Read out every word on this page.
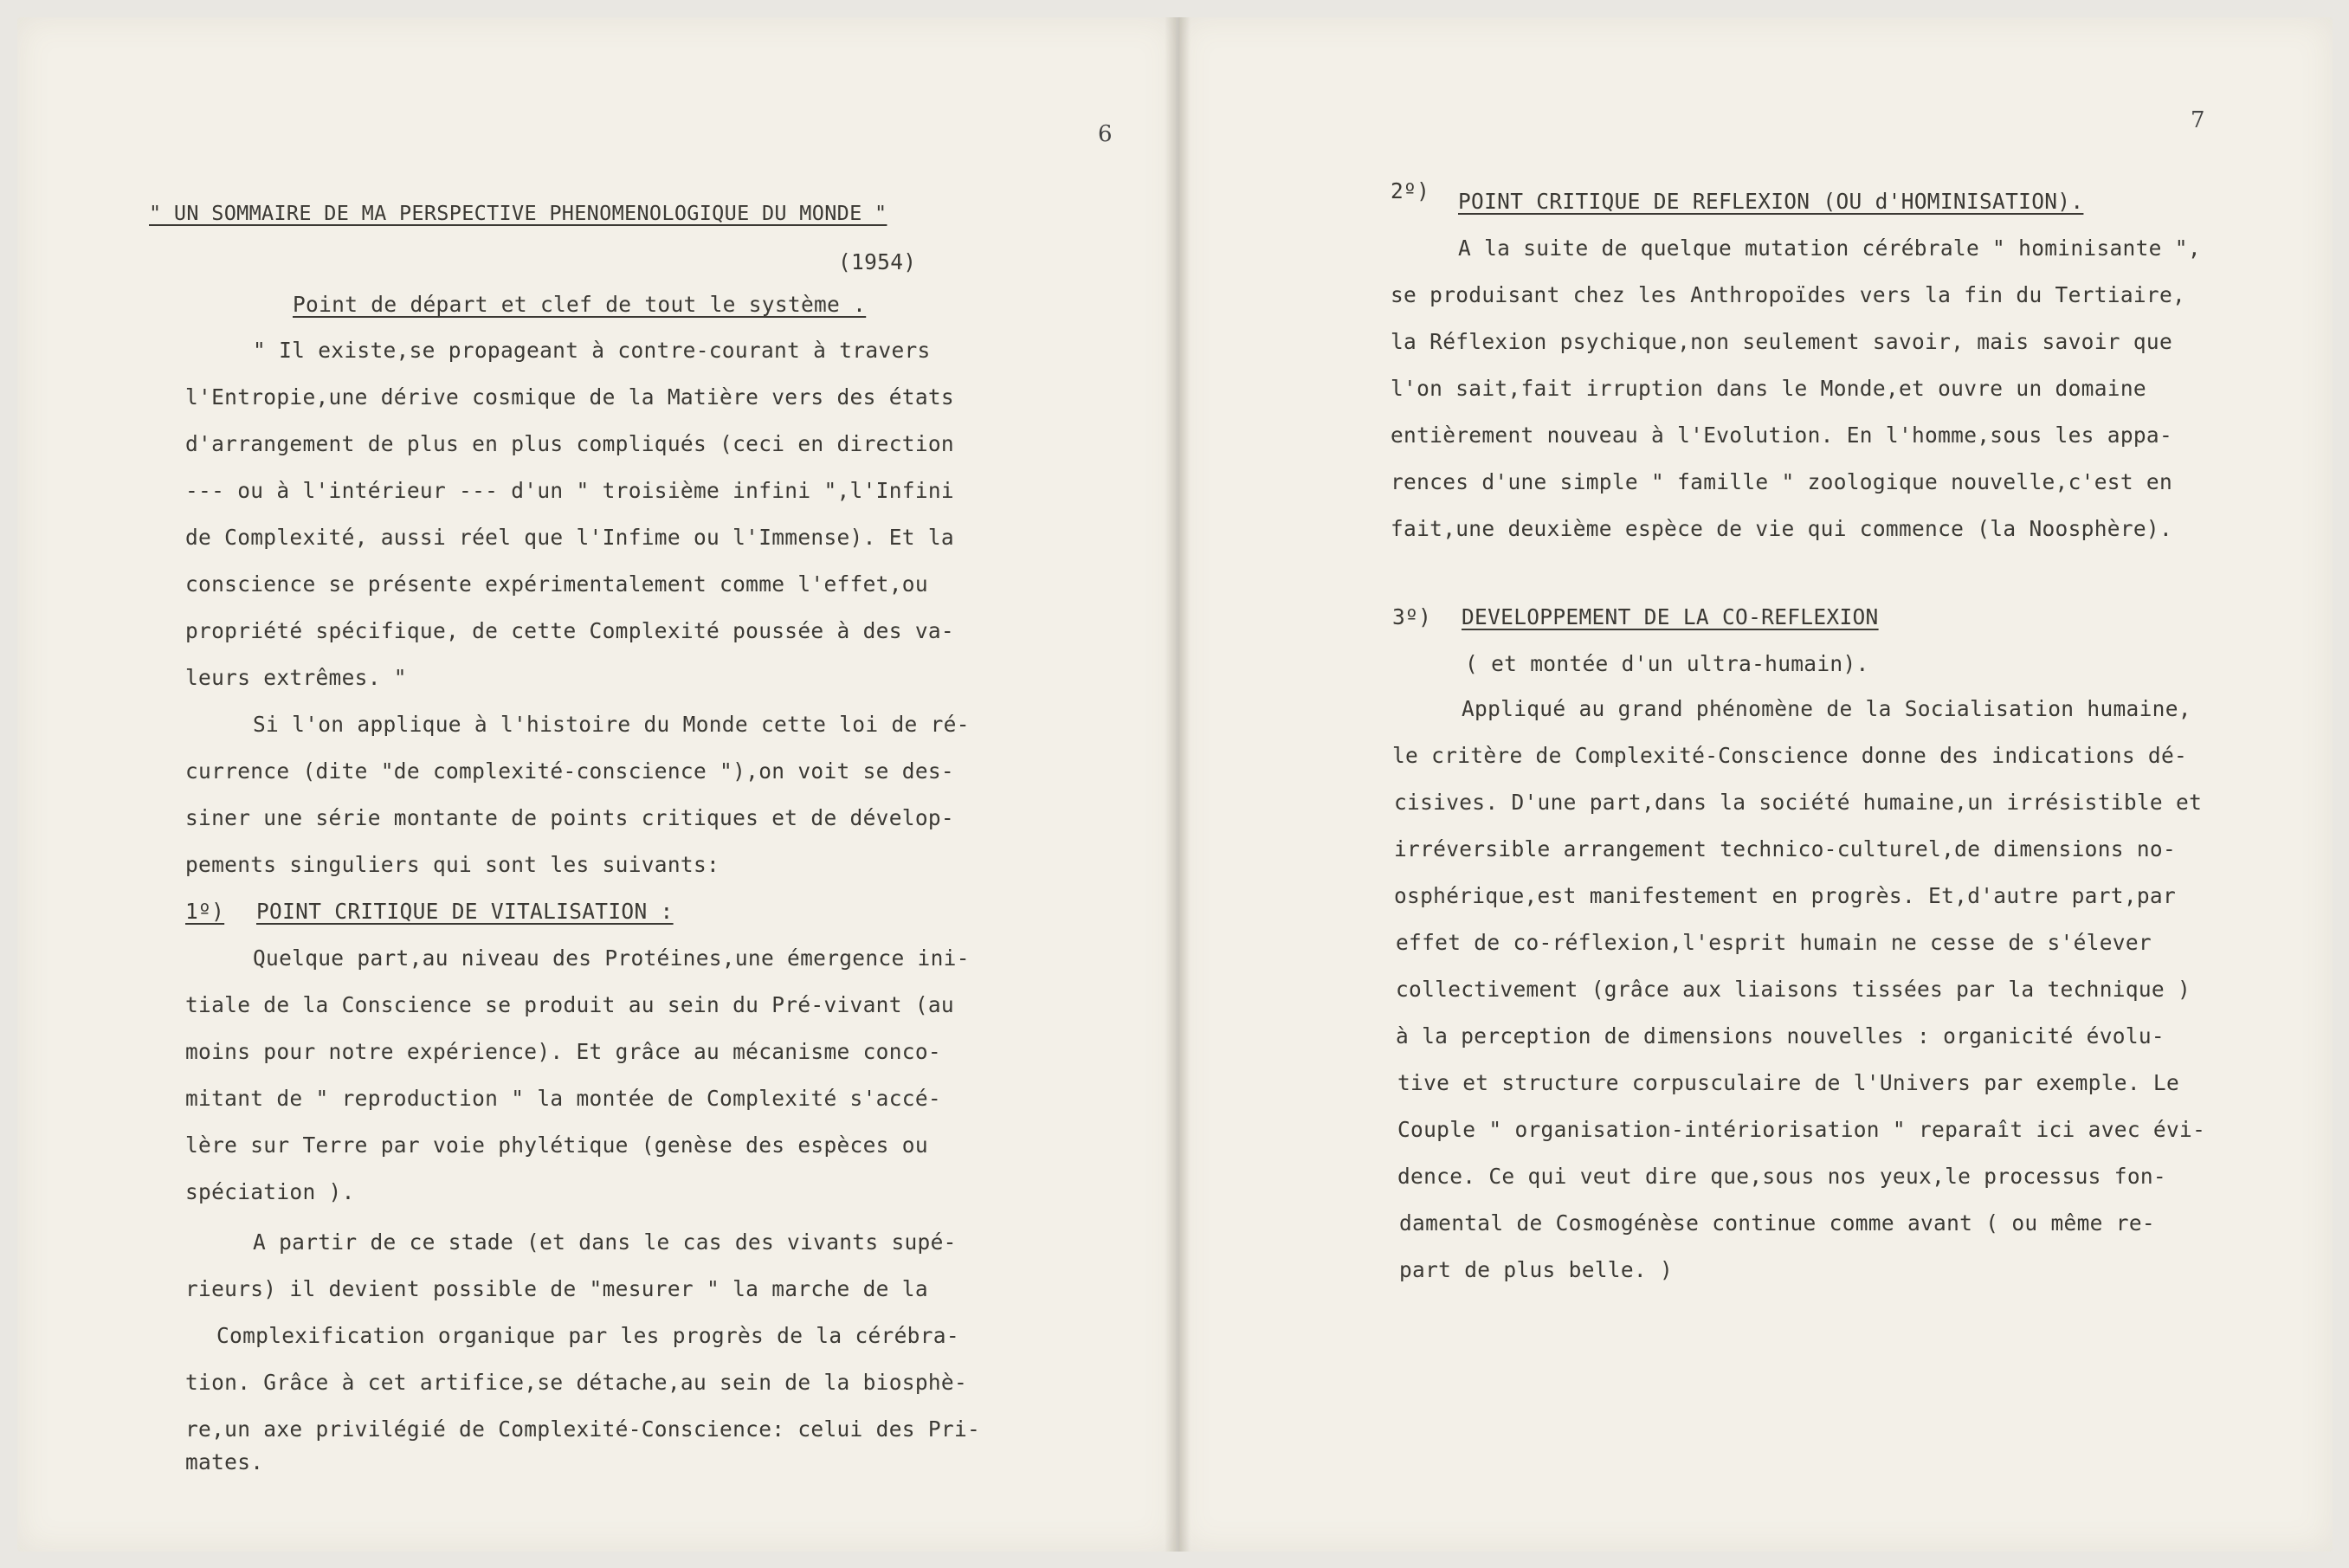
6
" UN SOMMAIRE DE MA PERSPECTIVE PHENOMENOLOGIQUE DU MONDE "
(1954)
Point de départ et clef de tout le système .
" Il existe,se propageant à contre-courant à travers
l'Entropie,une dérive cosmique de la Matière vers des états
d'arrangement de plus en plus compliqués (ceci en direction
--- ou à l'intérieur --- d'un " troisième infini ",l'Infini
de Complexité, aussi réel que l'Infime ou l'Immense). Et la
conscience se présente expérimentalement comme l'effet,ou
propriété spécifique, de cette Complexité poussée à des va-
leurs extrêmes. "
Si l'on applique à l'histoire du Monde cette loi de ré-
currence (dite "de complexité-conscience "),on voit se des-
siner une série montante de points critiques et de dévelop-
pements singuliers qui sont les suivants:
1º) POINT CRITIQUE DE VITALISATION :
Quelque part,au niveau des Protéines,une émergence ini-
tiale de la Conscience se produit au sein du Pré-vivant (au
moins pour notre expérience). Et grâce au mécanisme conco-
mitant de " reproduction " la montée de Complexité s'accé-
lère sur Terre par voie phylétique (genèse des espèces ou
spéciation ).
A partir de ce stade (et dans le cas des vivants supé-
rieurs) il devient possible de "mesurer " la marche de la
Complexification organique par les progrès de la cérébra-
tion. Grâce à cet artifice,se détache,au sein de la biosphè-
re,un axe privilégié de Complexité-Conscience: celui des Pri-
mates.
7
2º) POINT CRITIQUE DE REFLEXION (OU d'HOMINISATION).
A la suite de quelque mutation cérébrale " hominisante ",
se produisant chez les Anthropoïdes vers la fin du Tertiaire,
la Réflexion psychique,non seulement savoir, mais savoir que
l'on sait,fait irruption dans le Monde,et ouvre un domaine
entièrement nouveau à l'Evolution. En l'homme,sous les appa-
rences d'une simple " famille " zoologique nouvelle,c'est en
fait,une deuxième espèce de vie qui commence (la Noosphère).
3º) DEVELOPPEMENT DE LA CO-REFLEXION
( et montée d'un ultra-humain).
Appliqué au grand phénomène de la Socialisation humaine,
le critère de Complexité-Conscience donne des indications dé-
cisives. D'une part,dans la société humaine,un irrésistible et
irréversible arrangement technico-culturel,de dimensions no-
osphérique,est manifestement en progrès. Et,d'autre part,par
effet de co-réflexion,l'esprit humain ne cesse de s'élever
collectivement (grâce aux liaisons tissées par la technique )
à la perception de dimensions nouvelles : organicité évolu-
tive et structure corpusculaire de l'Univers par exemple. Le
Couple " organisation-intériorisation " reparaît ici avec évi-
dence. Ce qui veut dire que,sous nos yeux,le processus fon-
damental de Cosmogénèse continue comme avant ( ou même re-
part de plus belle. )
